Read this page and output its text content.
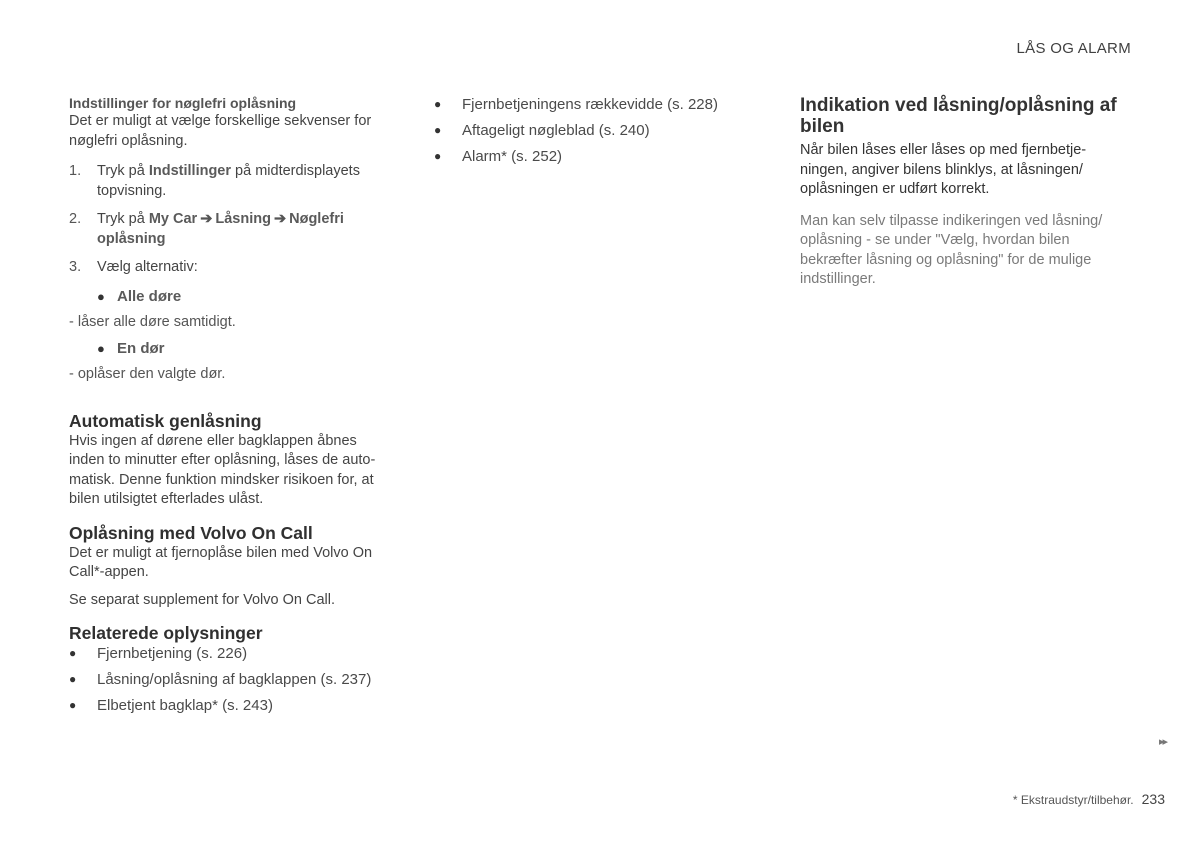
LÅS OG ALARM
Indstillinger for nøglefri oplåsning

Det er muligt at vælge forskellige sekvenser for nøglefri oplåsning.

1.	Tryk på Indstillinger på midterdisplayets topvisning.
2.	Tryk på My Car ➔ Låsning ➔ Nøglefri oplåsning
3.	Vælg alternativ:
● Alle døre
- låser alle døre samtidigt.
● En dør
- oplåser den valgte dør.
Automatisk genlåsning

Hvis ingen af dørene eller bagklappen åbnes inden to minutter efter oplåsning, låses de auto-matisk. Denne funktion mindsker risikoen for, at bilen utilsigtet efterlades ulåst.

Oplåsning med Volvo On Call

Det er muligt at fjernoplåse bilen med Volvo On Call*-appen.

Se separat supplement for Volvo On Call.

Relaterede oplysninger
●	Fjernbetjening (s. 226)
●	Låsning/oplåsning af bagklappen (s. 237)
●	Elbetjent bagklap* (s. 243)
●	Fjernbetjeningens rækkevidde (s. 228)
●	Aftageligt nøgleblad (s. 240)
●	Alarm* (s. 252)
Indikation ved låsning/oplåsning af bilen

Når bilen låses eller låses op med fjernbetje-ningen, angiver bilens blinklys, at låsningen/ oplåsningen er udført korrekt.

Man kan selv tilpasse indikeringen ved låsning/ oplåsning - se under "Vælg, hvordan bilen bekræfter låsning og oplåsning" for de mulige indstillinger.

▸▸
* Ekstraudstyr/tilbehør. 233
